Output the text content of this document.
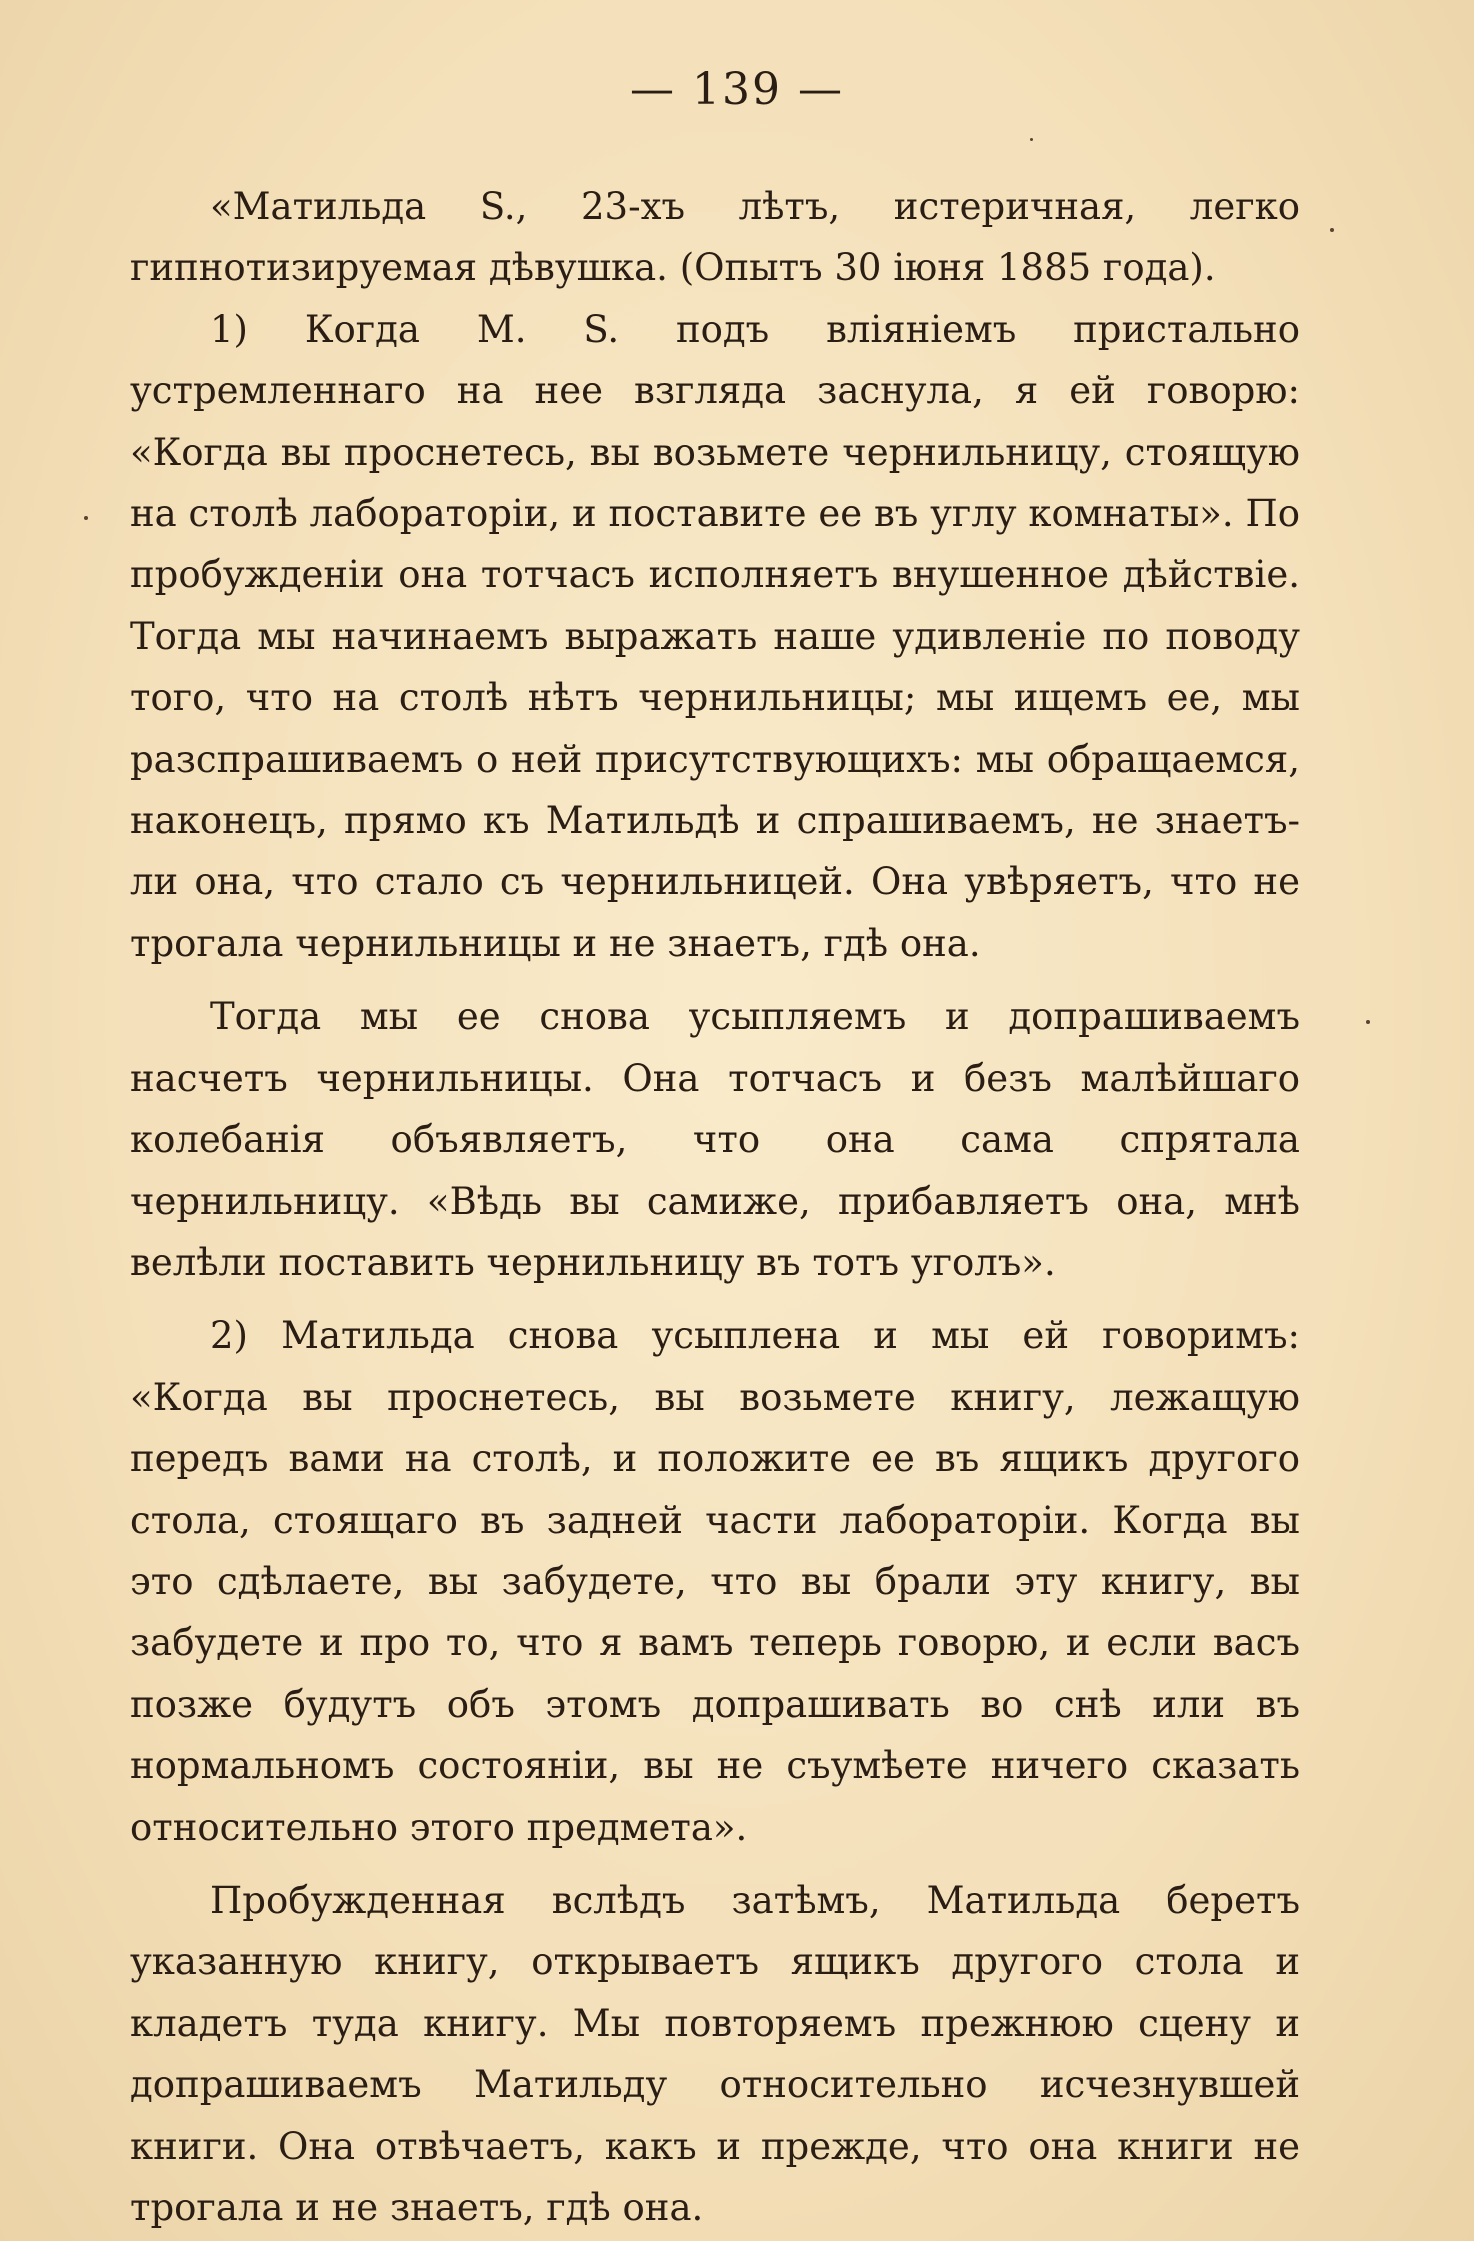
— 139 —

«Матильда S., 23-хъ лѣтъ, истеричная, легко гипнотизируемая дѣвушка. (Опытъ 30 іюня 1885 года).

1) Когда М. S. подъ вліяніемъ пристально устремленнаго на нее взгляда заснула, я ей говорю: «Когда вы проснетесь, вы возьмете чернильницу, стоящую на столѣ лабораторіи, и поставите ее въ углу комнаты». По пробужденіи она тотчасъ исполняетъ внушенное дѣйствіе. Тогда мы начинаемъ выражать наше удивленіе по поводу того, что на столѣ нѣтъ чернильницы; мы ищемъ ее, мы разспрашиваемъ о ней присутствующихъ: мы обращаемся, наконецъ, прямо къ Матильдѣ и спрашиваемъ, не знаетъ-ли она, что стало съ чернильницей. Она увѣряетъ, что не трогала чернильницы и не знаетъ, гдѣ она.

Тогда мы ее снова усыпляемъ и допрашиваемъ насчетъ чернильницы. Она тотчасъ и безъ малѣйшаго колебанія объявляетъ, что она сама спрятала чернильницу. «Вѣдь вы самиже, прибавляетъ она, мнѣ велѣли поставить чернильницу въ тотъ уголъ».

2) Матильда снова усыплена и мы ей говоримъ: «Когда вы проснетесь, вы возьмете книгу, лежащую передъ вами на столѣ, и положите ее въ ящикъ другого стола, стоящаго въ задней части лабораторіи. Когда вы это сдѣлаете, вы забудете, что вы брали эту книгу, вы забудете и про то, что я вамъ теперь говорю, и если васъ позже будутъ объ этомъ допрашивать во снѣ или въ нормальномъ состояніи, вы не съумѣете ничего сказать относительно этого предмета».

Пробужденная вслѣдъ затѣмъ, Матильда беретъ указанную книгу, открываетъ ящикъ другого стола и кладетъ туда книгу. Мы повторяемъ прежнюю сцену и допрашиваемъ Матильду относительно исчезнувшей книги. Она отвѣчаетъ, какъ и прежде, что она книги не трогала и не знаетъ, гдѣ она.
